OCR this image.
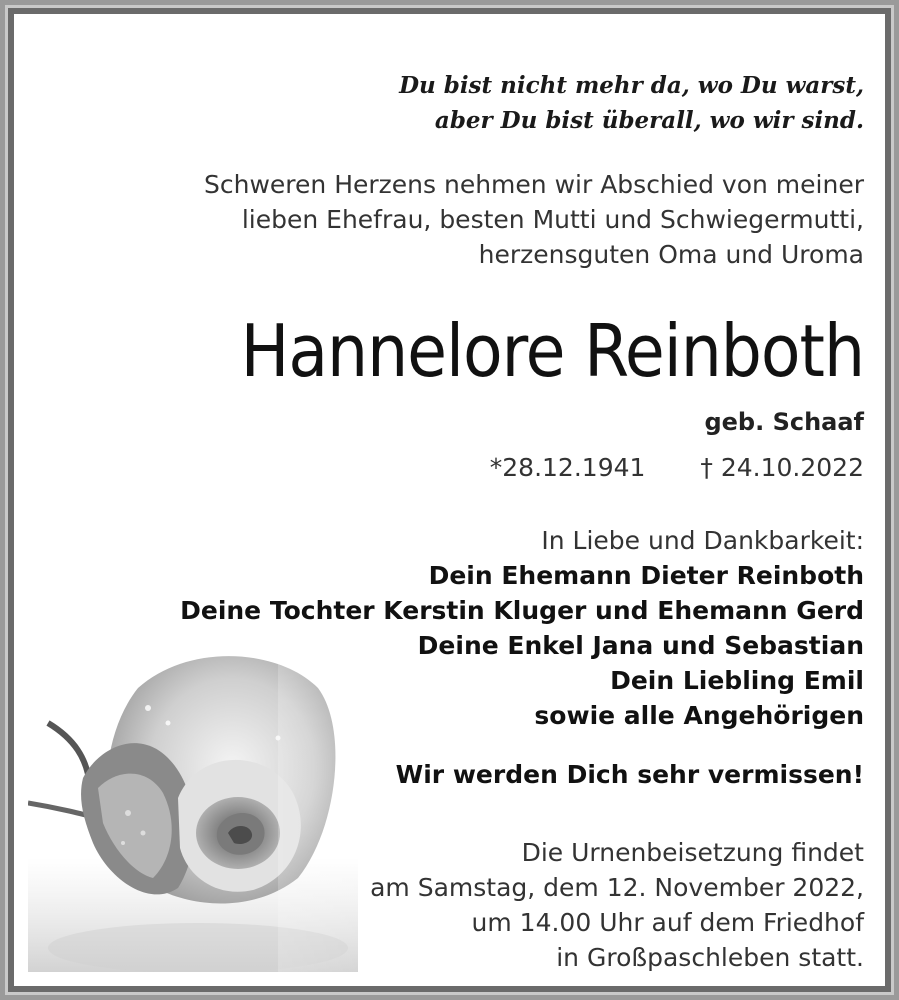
Du bist nicht mehr da, wo Du warst,
aber Du bist überall, wo wir sind.
Schweren Herzens nehmen wir Abschied von meiner
lieben Ehefrau, besten Mutti und Schwiegermutti,
herzensguten Oma und Uroma
Hannelore Reinboth
geb. Schaaf
*28.12.1941 † 24.10.2022
In Liebe und Dankbarkeit:
Dein Ehemann Dieter Reinboth
Deine Tochter Kerstin Kluger und Ehemann Gerd
Deine Enkel Jana und Sebastian
Dein Liebling Emil
sowie alle Angehörigen
Wir werden Dich sehr vermissen!
Die Urnenbeisetzung findet
am Samstag, dem 12. November 2022,
um 14.00 Uhr auf dem Friedhof
in Großpaschleben statt.
